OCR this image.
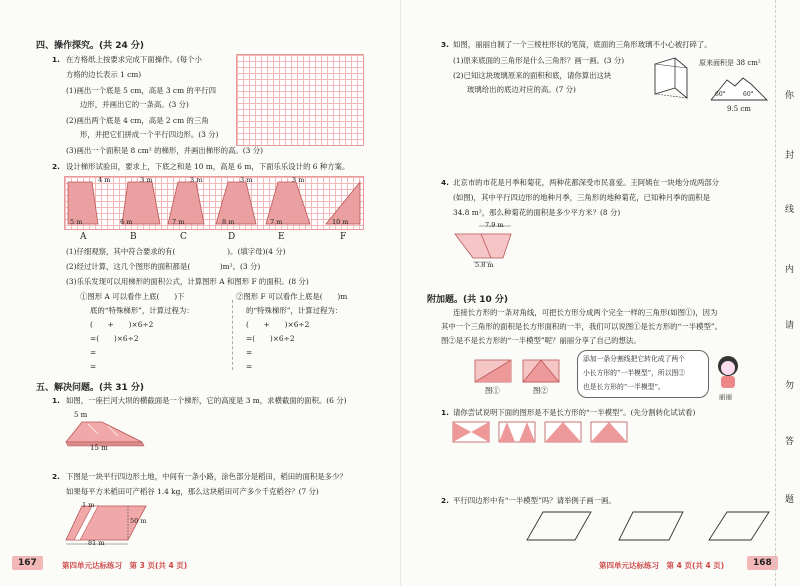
四、操作探究。(共 24 分)
1. 在方格纸上按要求完成下面操作。(每个小
方格的边长表示 1 cm)
(1)画出一个底是 5 cm，高是 3 cm 的平行四
边形，并画出它的一条高。(3 分)
(2)画出两个底是 4 cm，高是 2 cm 的三角
形，并把它们拼成一个平行四边形。(3 分)
(3)画出一个面积是 8 cm² 的梯形，并画出梯形的高。(3 分)
2. 设计梯形试验田，要求上，下底之和是 10 m，高是 6 m，下面乐乐设计的 6 种方案。
4 m	3 m	3 m	3 m	3 m
5 m	6 m	7 m	8 m	7 m	10 m
A	B	C	D	E	F
(1)仔细观察，其中符合要求的有(　　　　　　　)。(填字母)(4 分)
(2)经过计算，这几个图形的面积都是(　　　　)m²。(3 分)
(3)乐乐发现可以用梯形的面积公式，计算图形 A 和图形 F 的面积。(8 分)
①图形 A 可以看作上底(　　)下
底的“特殊梯形”，计算过程为：
(　　+　　)×6÷2
=(　　)×6÷2
=
=
②图形 F 可以看作上底是(　　)m
的“特殊梯形”，计算过程为：
(　　+　　)×6÷2
=(　　)×6÷2
=
=
五、解决问题。(共 31 分)
1. 如图，一座拦河大坝的横截面是一个梯形，它的高度是 3 m，求横截面的面积。(6 分)
5 m
15 m
2. 下图是一块平行四边形土地，中间有一条小路，涂色部分是稻田，稻田的面积是多少？
如果每平方米稻田可产稻谷 1.4 kg，那么这块稻田可产多少千克稻谷？(7 分)
1 m
50 m
81 m
167	第四单元达标练习　第 3 页(共 4 页)
3. 如图，丽丽自制了一个三棱柱形状的笔筒，底面的三角形玻璃不小心被打碎了。
(1)原来底面的三角形是什么三角形？画一画。(3 分)
(2)已知这块玻璃原来的面积和底，请你算出这块
玻璃给出的底边对应的高。(7 分)
原来面积是 38 cm²
60°	60°
9.5 cm
4. 北京市的市花是月季和菊花，两种花都深受市民喜爱。王阿姨在一块地分成两部分
(如图)，其中平行四边形的地种月季，三角形的地种菊花，已知种月季的面积是
34.8 m²，那么种菊花的面积是多少平方米？(8 分)
7.9 m
5.8 m
附加题。(共 10 分)
连接长方形的一条对角线，可把长方形分成两个完全一样的三角形(如图①)，因为
其中一个三角形的面积是长方形面积的一半，我们可以说图①是长方形的“一半模型”。
图②是不是长方形的“一半模型”呢？丽丽分享了自己的想法。
图①	图②
添加一条分割线把它转化成了两个
小长方形的“一半模型”，所以图②
也是长方形的“一半模型”。
丽丽
1. 请你尝试说明下面的图形是不是长方形的“一半模型”。(先分割转化试试看)
2. 平行四边形中有“一半模型”吗？请举例子画一画。
第四单元达标练习　第 4 页(共 4 页)	168
你
封
线
内
请
勿
答
题
